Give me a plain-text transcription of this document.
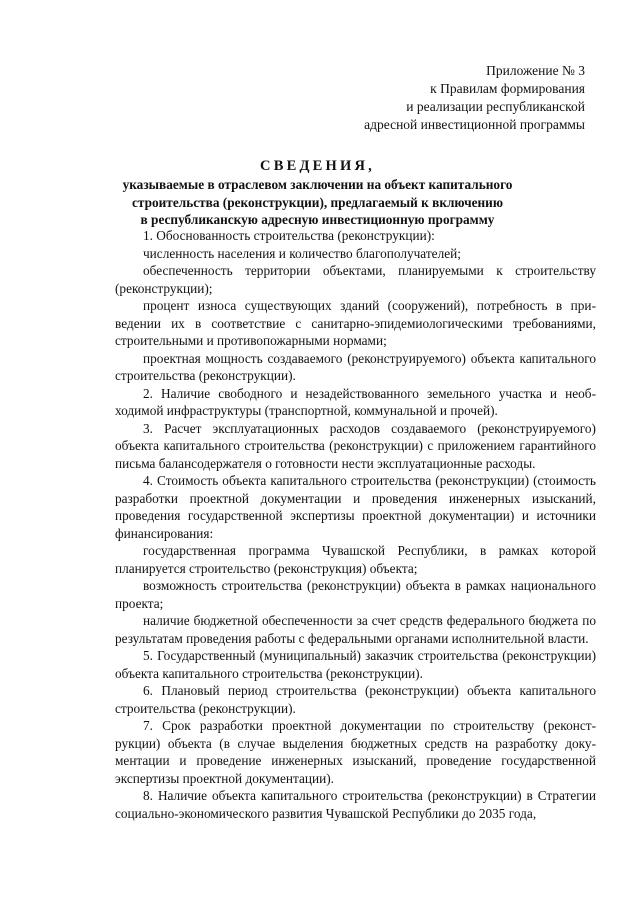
Приложение № 3
к Правилам формирования
и реализации республиканской
адресной инвестиционной программы
СВЕДЕНИЯ,
указываемые в отраслевом заключении на объект капитального
строительства (реконструкции), предлагаемый к включению
в республиканскую адресную инвестиционную программу

1. Обоснованность строительства (реконструкции):

численность населения и количество благополучателей;

обеспеченность территории объектами, планируемыми к строительству (реконструкции);

процент износа существующих зданий (сооружений), потребность в приведении их в соответствие с санитарно-эпидемиологическими требованиями, строительными и противопожарными нормами;

проектная мощность создаваемого (реконструируемого) объекта капитального строительства (реконструкции).

2. Наличие свободного и незадействованного земельного участка и необходимой инфраструктуры (транспортной, коммунальной и прочей).

3. Расчет эксплуатационных расходов создаваемого (реконструируемого) объекта капитального строительства (реконструкции) с приложением гарантийного письма балансодержателя о готовности нести эксплуатационные расходы.

4. Стоимость объекта капитального строительства (реконструкции) (стоимость разработки проектной документации и проведения инженерных изысканий, проведения государственной экспертизы проектной документации) и источники финансирования:

государственная программа Чувашской Республики, в рамках которой планируется строительство (реконструкция) объекта;

возможность строительства (реконструкции) объекта в рамках национального проекта;

наличие бюджетной обеспеченности за счет средств федерального бюджета по результатам проведения работы с федеральными органами исполнительной власти.

5. Государственный (муниципальный) заказчик строительства (реконструкции) объекта капитального строительства (реконструкции).

6. Плановый период строительства (реконструкции) объекта капитального строительства (реконструкции).

7. Срок разработки проектной документации по строительству (реконструкции) объекта (в случае выделения бюджетных средств на разработку документации и проведение инженерных изысканий, проведение государственной экспертизы проектной документации).

8. Наличие объекта капитального строительства (реконструкции) в Стратегии социально-экономического развития Чувашской Республики до 2035 года,
